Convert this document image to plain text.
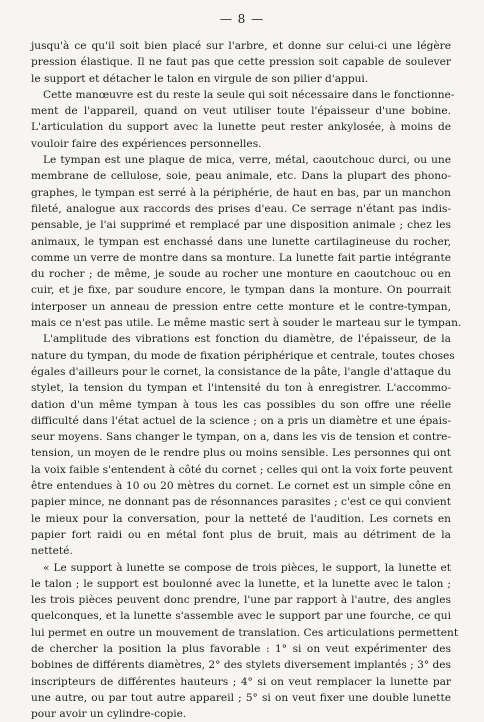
— 8 —
jusqu'à ce qu'il soit bien placé sur l'arbre, et donne sur celui-ci une légère
pression élastique. Il ne faut pas que cette pression soit capable de soulever
le support et détacher le talon en virgule de son pilier d'appui.
Cette manœuvre est du reste la seule qui soit nécessaire dans le fonctionne-
ment de l'appareil, quand on veut utiliser toute l'épaisseur d'une bobine.
L'articulation du support avec la lunette peut rester ankylosée, à moins de
vouloir faire des expériences personnelles.
Le tympan est une plaque de mica, verre, métal, caoutchouc durci, ou une
membrane de cellulose, soie, peau animale, etc. Dans la plupart des phono-
graphes, le tympan est serré à la périphérie, de haut en bas, par un manchon
fileté, analogue aux raccords des prises d'eau. Ce serrage n'étant pas indis-
pensable, je l'ai supprimé et remplacé par une disposition animale ; chez les
animaux, le tympan est enchassé dans une lunette cartilagineuse du rocher,
comme un verre de montre dans sa monture. La lunette fait partie intégrante
du rocher ; de même, je soude au rocher une monture en caoutchouc ou en
cuir, et je fixe, par soudure encore, le tympan dans la monture. On pourrait
interposer un anneau de pression entre cette monture et le contre-tympan,
mais ce n'est pas utile. Le même mastic sert à souder le marteau sur le tympan.
L'amplitude des vibrations est fonction du diamètre, de l'épaisseur, de la
nature du tympan, du mode de fixation périphérique et centrale, toutes choses
égales d'ailleurs pour le cornet, la consistance de la pâte, l'angle d'attaque du
stylet, la tension du tympan et l'intensité du ton à enregistrer. L'accommo-
dation d'un même tympan à tous les cas possibles du son offre une réelle
difficulté dans l'état actuel de la science ; on a pris un diamètre et une épais-
seur moyens. Sans changer le tympan, on a, dans les vis de tension et contre-
tension, un moyen de le rendre plus ou moins sensible. Les personnes qui ont
la voix faible s'entendent à côté du cornet ; celles qui ont la voix forte peuvent
être entendues à 10 ou 20 mètres du cornet. Le cornet est un simple cône en
papier mince, ne donnant pas de résonnances parasites ; c'est ce qui convient
le mieux pour la conversation, pour la netteté de l'audition. Les cornets en
papier fort raidi ou en métal font plus de bruit, mais au détriment de la
netteté.
« Le support à lunette se compose de trois pièces, le support, la lunette et
le talon ; le support est boulonné avec la lunette, et la lunette avec le talon ;
les trois pièces peuvent donc prendre, l'une par rapport à l'autre, des angles
quelconques, et la lunette s'assemble avec le support par une fourche, ce qui
lui permet en outre un mouvement de translation. Ces articulations permettent
de chercher la position la plus favorable : 1° si on veut expérimenter des
bobines de différents diamètres, 2° des stylets diversement implantés ; 3° des
inscripteurs de différentes hauteurs ; 4° si on veut remplacer la lunette par
une autre, ou par tout autre appareil ; 5° si on veut fixer une double lunette
pour avoir un cylindre-copie.
